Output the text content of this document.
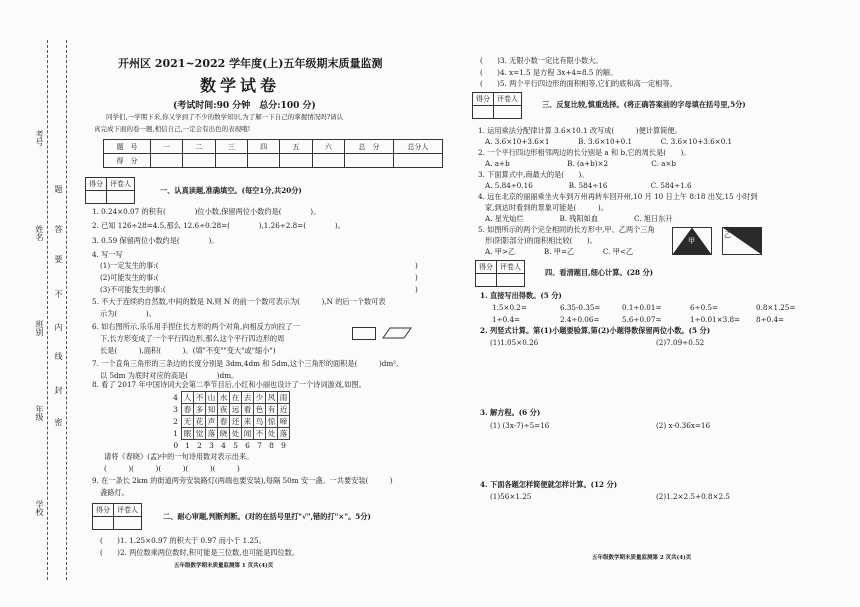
考号
姓名
班别
年级
学校
题
答
要
不
内
线
封
密
开州区 2021~2022 学年度(上)五年级期末质量监测
数学试卷
(考试时间:90 分钟　总分:100 分)
同学们,一学期下来,你又学到了不少的数学知识,为了解一下自己的掌握情况吗?请认
真完成下面的卷一题,相信自己,一定会有出色的表现哦!
题　号	一	二	三	四	五	六	总　分	总分人
得　分								
得分	评卷人

一、认真读题,准确填空。(每空1分,共20分)
1. 0.24×0.07 的积有(　　　　)位小数,保留两位小数约是(　　　　)。
2. 已知 126÷28=4.5,那么 12.6÷0.28=(　　　　),1.26÷2.8=(　　　　)。
3. 0.59 保留两位小数约是(　　　　)。
4. 写一写
(1)一定发生的事:(	)
(2)可能发生的事:(	)
(3)不可能发生的事:(	)
5. 不大于连续的自然数,中间的数是 N,则 N 的前一个数可表示为(　　　),N 的后一个数可表
示为(　　　　)。
6. 如右图所示,乐乐用手捏住长方形的两个对角,向相反方向拉了一
下,长方形变成了一个平行四边形,那么这个平行四边形的周
长是(　　　),面积(　　　)。(填"不变""变大"或"缩小")
7. 一个直角三角形的三条边的长度分别是 3dm,4dm 和 5dm,这个三角形的面积是(　　　)dm²,
以 5dm 为底时对应的高是(　　　　)dm。
8. 看了 2017 年中国诗词大会第二季节目后,小红和小丽也设计了一个诗词游戏,如图。
4	人	不	山	水	在	去	少	风	雨
3	春	多	知	夜	远	看	色	有	近
2	无	花	声	春	还	来	鸟	惊	啼
1	眠	觉	落	晓	处	闻	不	处	落
0	1	2	3	4	5	6	7	8	9
请将《春晓》(孟)中的一句诗用数对表示出来。
(　　　)(　　　)(　　　)(　　　)(　　　)
9. 在一条长 2km 的街道两旁安装路灯(两端也要安装),每隔 50m 安一盏。一共要安装(　　　)
盏路灯。
得分	评卷人

二、耐心审题,判断判断。(对的在括号里打"√",错的打"×"。5分)
(　　)1. 1.25×0.97 的积大于 0.97 而小于 1.25。
(　　)2. 两位数乘两位数时,积可能是三位数,也可能是四位数。
五年级数学期末质量监测第 1 页共(4)页
(　　)3. 无限小数一定比有限小数大。
(　　)4. x=1.5 是方程 3x+4=8.5 的解。
(　　)5. 两个平行四边形的面积相等,它们的底和高一定相等。
得分	评卷人

三、反复比较,慎重选择。(将正确答案前的字母填在括号里,5分)
1. 运用乘法分配律计算 3.6×10.1 改写成(　　　)便计算简便。
A. 3.6×10+3.6×1　　　　B. 3.6×10+0.1　　　　C. 3.6×10+3.6×0.1
2. 一个平行四边形相邻两边的长分别是 a 和 b,它的周长是(　　)。
A. a+b　　　　　　　　B. (a+b)×2　　　　　　C. a×b
3. 下面算式中,商最大的是(　　)。
A. 5.84÷0.16　　　　　B. 584÷16　　　　　　C. 584÷1.6
4. 远在北京的丽丽乘坐火车到万州再转车回开州,10 月 10 日上午 8:18 出发,15 小时到
家,到达时看到的景象可能是(　　　)。
A. 星光灿烂　　　　　B. 残阳如血　　　　　C. 旭日东升
5. 如图所示的两个完全相同的长方形中,甲、乙两个三角
形(阴影部分)的面积相比较(　　)。
A. 甲>乙　　　　B. 甲=乙　　　　C. 甲<乙
甲
乙
得分	评卷人

四、看清题目,细心计算。(28 分)
1. 直接写出得数。(5 分)
1.5×0.2=	6.35-0.35=	0.1÷0.01=	6÷0.5=	0.8×1.25=
1÷0.4=	2.4÷0.06=	5.6÷0.07=	1÷0.01×3.8= 8÷0.4=
2. 列竖式计算。第(1)小题要验算,第(2)小题得数保留两位小数。(5 分)
(1)1.05×0.26	(2)7.09÷0.52
3. 解方程。(6 分)
(1) (3x-7)÷5=16	(2) x-0.36x=16
4. 下面各题怎样简便就怎样计算。(12 分)
(1)56×1.25	(2)1.2×2.5+0.8×2.5
五年级数学期末质量监测第 2 页共(4)页
